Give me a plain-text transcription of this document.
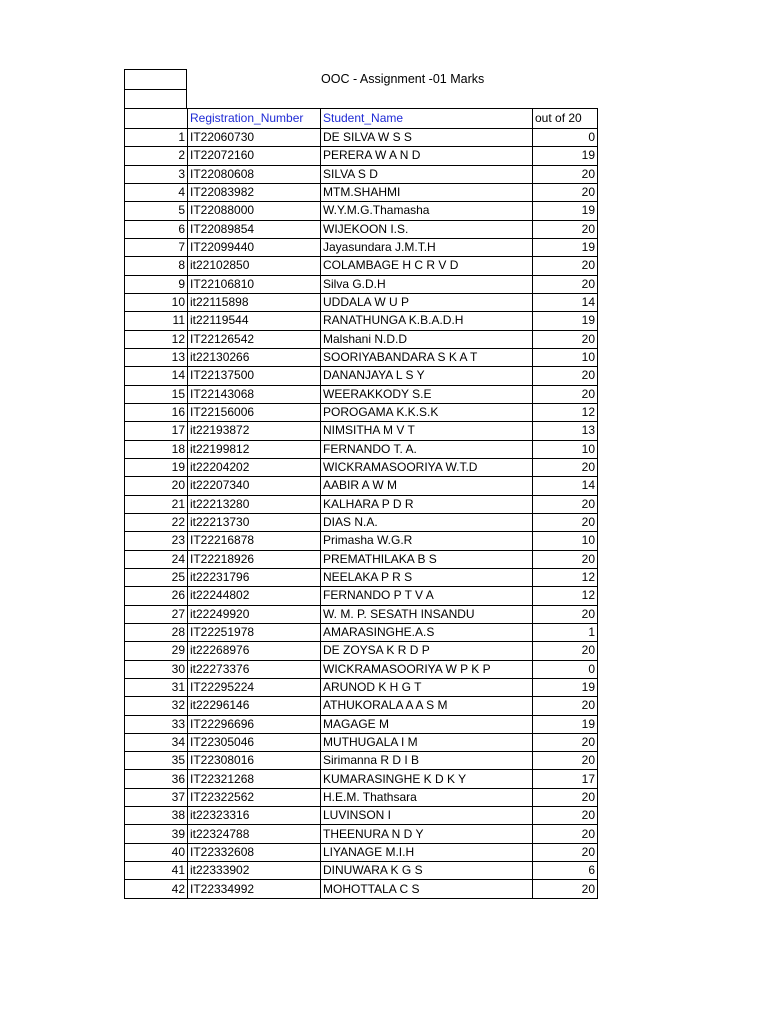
OOC - Assignment -01 Marks
	Registration_Number	Student_Name	out of 20
1	IT22060730	DE SILVA W S S	0
2	IT22072160	PERERA W A N D	19
3	IT22080608	SILVA S D	20
4	IT22083982	MTM.SHAHMI	20
5	IT22088000	W.Y.M.G.Thamasha	19
6	IT22089854	WIJEKOON I.S.	20
7	IT22099440	Jayasundara J.M.T.H	19
8	it22102850	COLAMBAGE H C R V D	20
9	IT22106810	Silva G.D.H	20
10	it22115898	UDDALA W U P	14
11	it22119544	RANATHUNGA K.B.A.D.H	19
12	IT22126542	Malshani N.D.D	20
13	it22130266	SOORIYABANDARA S K A T	10
14	IT22137500	DANANJAYA L S Y	20
15	IT22143068	WEERAKKODY S.E	20
16	IT22156006	POROGAMA K.K.S.K	12
17	it22193872	NIMSITHA M V T	13
18	it22199812	FERNANDO T. A.	10
19	it22204202	WICKRAMASOORIYA W.T.D	20
20	it22207340	AABIR A W M	14
21	it22213280	KALHARA P D R	20
22	it22213730	DIAS N.A.	20
23	IT22216878	Primasha W.G.R	10
24	IT22218926	PREMATHILAKA B S	20
25	it22231796	NEELAKA P R S	12
26	it22244802	FERNANDO P T V A	12
27	it22249920	W. M. P. SESATH INSANDU	20
28	IT22251978	AMARASINGHE.A.S	1
29	it22268976	DE ZOYSA K R D P	20
30	it22273376	WICKRAMASOORIYA W P K P	0
31	IT22295224	ARUNOD K H G T	19
32	it22296146	ATHUKORALA A A S M	20
33	IT22296696	MAGAGE M	19
34	IT22305046	MUTHUGALA I M	20
35	IT22308016	Sirimanna R D I B	20
36	IT22321268	KUMARASINGHE K D K Y	17
37	IT22322562	H.E.M. Thathsara	20
38	it22323316	LUVINSON I	20
39	it22324788	THEENURA N D Y	20
40	IT22332608	LIYANAGE M.I.H	20
41	it22333902	DINUWARA K G S	6
42	IT22334992	MOHOTTALA C S	20
